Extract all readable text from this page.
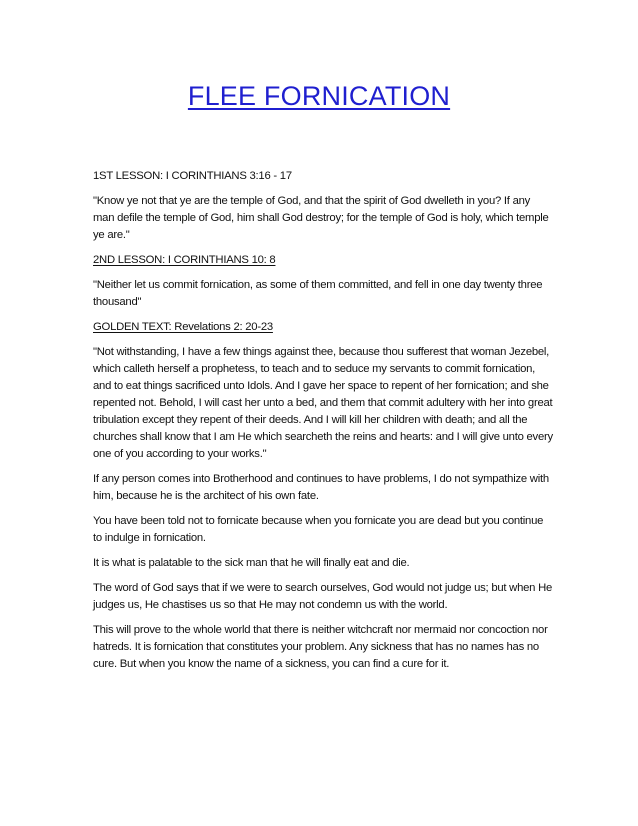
FLEE FORNICATION

1ST LESSON: I CORINTHIANS 3:16 - 17

"Know ye not that ye are the temple of God, and that the spirit of God dwelleth in you? If any man defile the temple of God, him shall God destroy; for the temple of God is holy, which temple ye are."

2ND LESSON: I CORINTHIANS 10: 8

"Neither let us commit fornication, as some of them committed, and fell in one day twenty three thousand"

GOLDEN TEXT: Revelations 2: 20-23

"Not withstanding, I have a few things against thee, because thou sufferest that woman Jezebel, which calleth herself a prophetess, to teach and to seduce my servants to commit fornication, and to eat things sacrificed unto Idols. And I gave her space to repent of her fornication; and she repented not. Behold, I will cast her unto a bed, and them that commit adultery with her into great tribulation except they repent of their deeds. And I will kill her children with death; and all the churches shall know that I am He which searcheth the reins and hearts: and I will give unto every one of you according to your works."

If any person comes into Brotherhood and continues to have problems, I do not sympathize with him, because he is the architect of his own fate.

You have been told not to fornicate because when you fornicate you are dead but you continue to indulge in fornication.

It is what is palatable to the sick man that he will finally eat and die.

The word of God says that if we were to search ourselves, God would not judge us; but when He judges us, He chastises us so that He may not condemn us with the world.

This will prove to the whole world that there is neither witchcraft nor mermaid nor concoction nor hatreds. It is fornication that constitutes your problem. Any sickness that has no names has no cure. But when you know the name of a sickness, you can find a cure for it.
